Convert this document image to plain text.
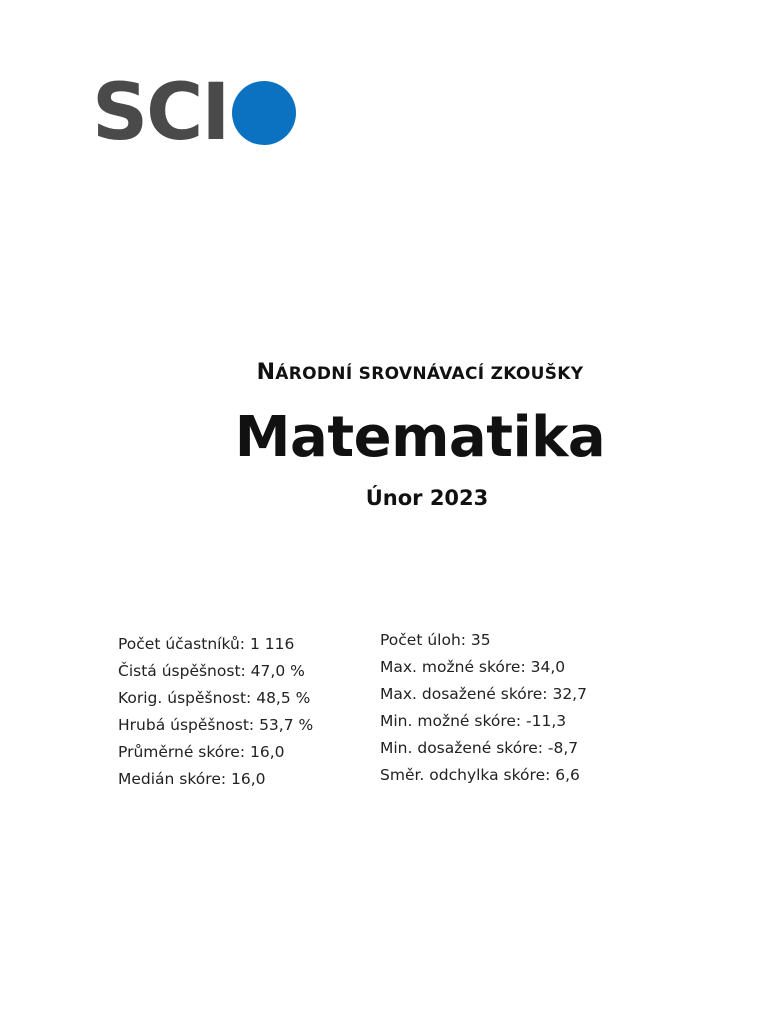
SCI
NÁRODNÍ SROVNÁVACÍ ZKOUŠKY
Matematika
Únor 2023
Počet účastníků: 1 116
Čistá úspěšnost: 47,0 %
Korig. úspěšnost: 48,5 %
Hrubá úspěšnost: 53,7 %
Průměrné skóre: 16,0
Medián skóre: 16,0
Počet úloh: 35
Max. možné skóre: 34,0
Max. dosažené skóre: 32,7
Min. možné skóre: -11,3
Min. dosažené skóre: -8,7
Směr. odchylka skóre: 6,6
